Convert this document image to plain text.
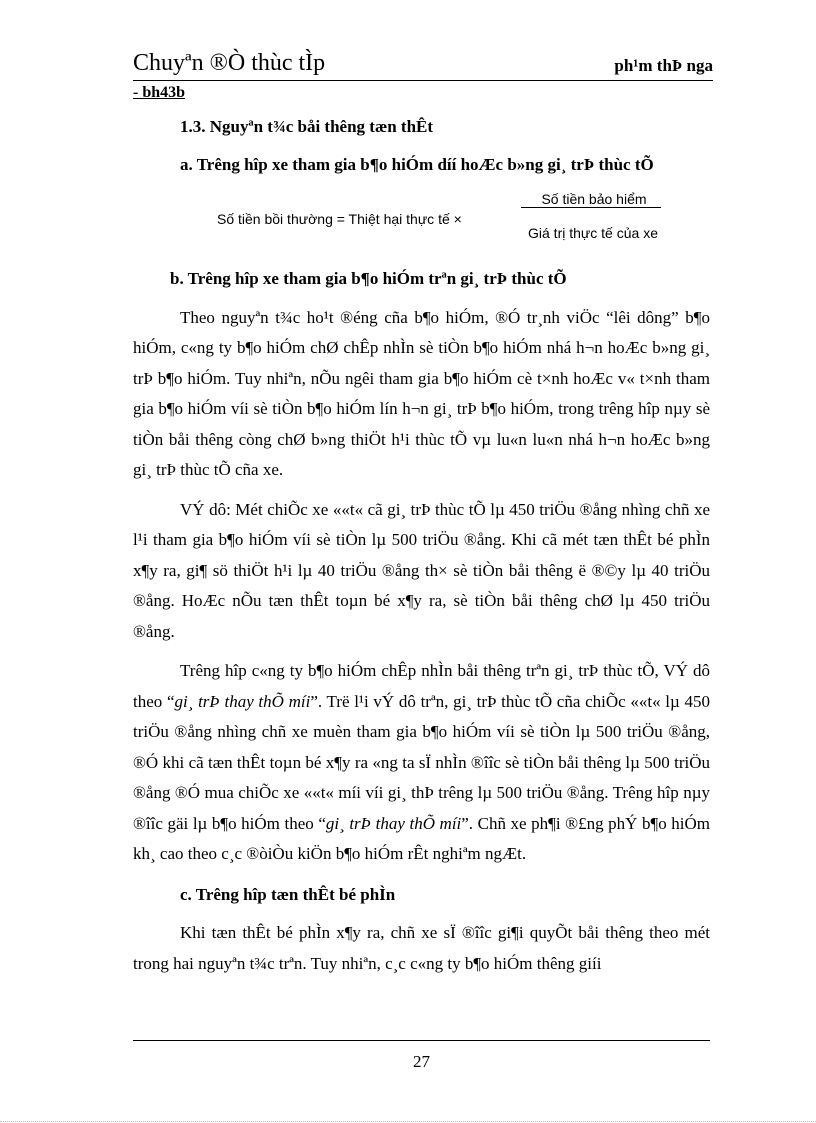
Chuyªn ®Ò thùc tÌp	ph¹m thÞ nga
- bh43b

1.3. Nguyªn t¾c båi thêng tæn thÊt

a. Trêng hîp xe tham gia b¶o hiÓm díí hoÆc b»ng gi¸ trÞ thùc tÕ

Số tiền bồi thường = Thiệt hại thực tế ×
Số tiền bảo hiểm
Giá trị thực tế của xe

b. Trêng hîp xe tham gia b¶o hiÓm trªn gi¸ trÞ thùc tÕ

Theo nguyªn t¾c ho¹t ®éng cña b¶o hiÓm, ®Ó tr¸nh viÖc “lêi dông” b¶o hiÓm, c«ng ty b¶o hiÓm chØ chÊp nhÌn sè tiÒn b¶o hiÓm nhá h¬n hoÆc b»ng gi¸ trÞ b¶o hiÓm. Tuy nhiªn, nÕu ngêi tham gia b¶o hiÓm cè t×nh hoÆc v« t×nh tham gia b¶o hiÓm víi sè tiÒn b¶o hiÓm lín h¬n gi¸ trÞ b¶o hiÓm, trong trêng hîp nµy sè tiÒn båi thêng còng chØ b»ng thiÖt h¹i thùc tÕ vµ lu«n lu«n nhá h¬n hoÆc b»ng gi¸ trÞ thùc tÕ cña xe.

VÝ dô: Mét chiÕc xe ««t« cã gi¸ trÞ thùc tÕ lµ 450 triÖu ®ång nhìng chñ xe l¹i tham gia b¶o hiÓm víi sè tiÒn lµ 500 triÖu ®ång. Khi cã mét tæn thÊt bé phÌn x¶y ra, gi¶ sö thiÖt h¹i lµ 40 triÖu ®ång th× sè tiÒn båi thêng ë ®©y lµ 40 triÖu ®ång. HoÆc nÕu tæn thÊt toµn bé x¶y ra, sè tiÒn båi thêng chØ lµ 450 triÖu ®ång.

Trêng hîp c«ng ty b¶o hiÓm chÊp nhÌn båi thêng trªn gi¸ trÞ thùc tÕ, VÝ dô theo “gi¸ trÞ thay thÕ míi”. Trë l¹i vÝ dô trªn, gi¸ trÞ thùc tÕ cña chiÕc ««t« lµ 450 triÖu ®ång nhìng chñ xe muèn tham gia b¶o hiÓm víi sè tiÒn lµ 500 triÖu ®ång, ®Ó khi cã tæn thÊt toµn bé x¶y ra «ng ta sÏ nhÌn ®îîc sè tiÒn båi thêng lµ 500 triÖu ®ång ®Ó mua chiÕc xe ««t« míi víi gi¸ thÞ trêng lµ 500 triÖu ®ång. Trêng hîp nµy ®îîc gäi lµ b¶o hiÓm theo “gi¸ trÞ thay thÕ míi”. Chñ xe ph¶i ®£ng phÝ b¶o hiÓm kh¸ cao theo c¸c ®òiÒu kiÖn b¶o hiÓm rÊt nghiªm ngÆt.

c. Trêng hîp tæn thÊt bé phÌn

Khi tæn thÊt bé phÌn x¶y ra, chñ xe sÏ ®îîc gi¶i quyÕt båi thêng theo mét trong hai nguyªn t¾c trªn. Tuy nhiªn, c¸c c«ng ty b¶o hiÓm thêng giíi

27
